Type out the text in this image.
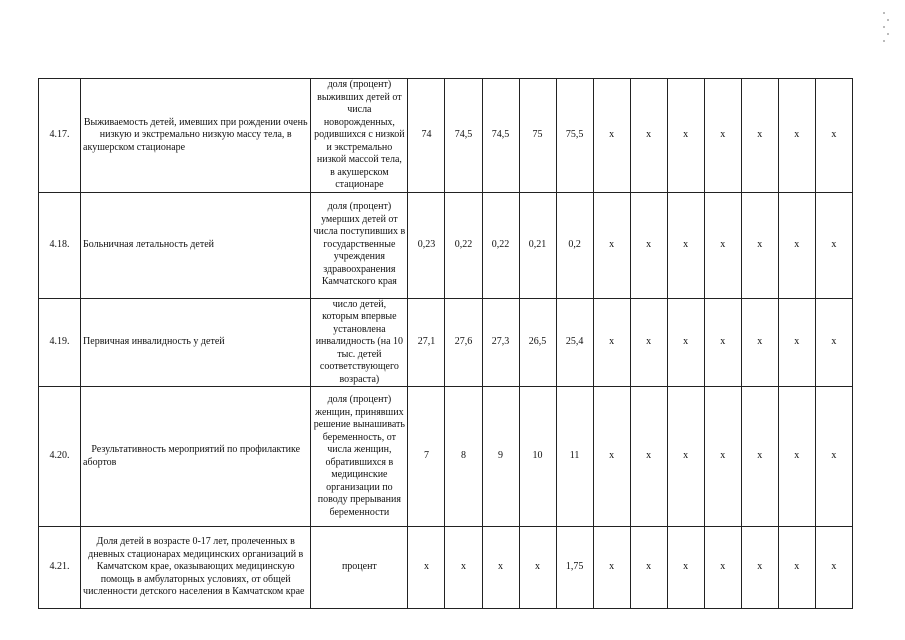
4.17.	Выживаемость детей, имевших при рождении очень низкую и экстремально низкую массу тела, в акушерском стационаре	доля (процент) выживших детей от числа новорожденных, родившихся с низкой и экстремально низкой массой тела, в акушерском стационаре	74	74,5	74,5	75	75,5	x	x	x	x	x	x	x
4.18.	Больничная летальность детей	доля (процент) умерших детей от числа поступивших в государственные учреждения здравоохранения Камчатского края	0,23	0,22	0,22	0,21	0,2	x	x	x	x	x	x	x
4.19.	Первичная инвалидность у детей	число детей, которым впервые установлена инвалидность (на 10 тыс. детей соответствующего возраста)	27,1	27,6	27,3	26,5	25,4	x	x	x	x	x	x	x
4.20.	Результативность мероприятий по профилактике абортов	доля (процент) женщин, принявших решение вынашивать беременность, от числа женщин, обратившихся в медицинские организации по поводу прерывания беременности	7	8	9	10	11	x	x	x	x	x	x	x
4.21.	Доля детей в возрасте 0-17 лет, пролеченных в дневных стационарах медицинских организаций в Камчатском крае, оказывающих медицинскую помощь в амбулаторных условиях, от общей численности детского населения в Камчатском крае	процент	x	x	x	x	1,75	x	x	x	x	x	x	x
